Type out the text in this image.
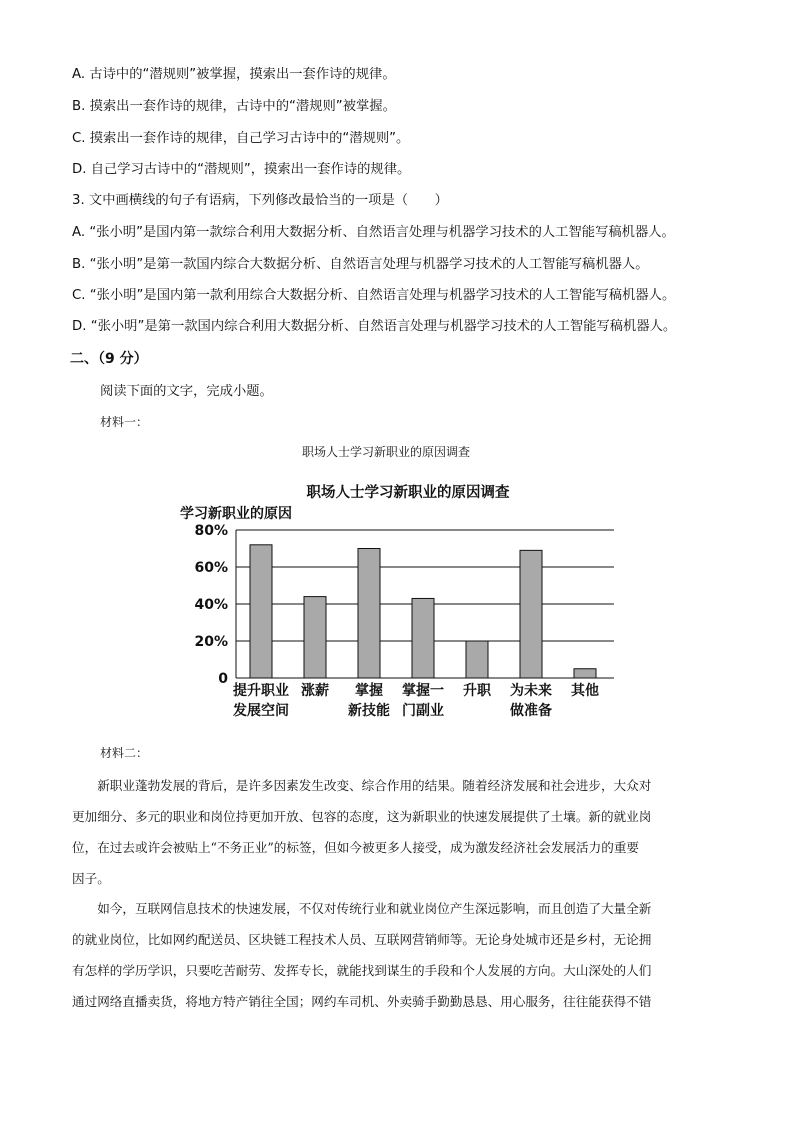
A. 古诗中的“潜规则”被掌握，摸索出一套作诗的规律。
B. 摸索出一套作诗的规律，古诗中的“潜规则”被掌握。
C. 摸索出一套作诗的规律，自己学习古诗中的“潜规则”。
D. 自己学习古诗中的“潜规则”，摸索出一套作诗的规律。
3. 文中画横线的句子有语病，下列修改最恰当的一项是（　　）
A. “张小明”是国内第一款综合利用大数据分析、自然语言处理与机器学习技术的人工智能写稿机器人。
B. “张小明”是第一款国内综合大数据分析、自然语言处理与机器学习技术的人工智能写稿机器人。
C. “张小明”是国内第一款利用综合大数据分析、自然语言处理与机器学习技术的人工智能写稿机器人。
D. “张小明”是第一款国内综合利用大数据分析、自然语言处理与机器学习技术的人工智能写稿机器人。
二、（9 分）
阅读下面的文字，完成小题。
材料一：
职场人士学习新职业的原因调查
职场人士学习新职业的原因调查
学习新职业的原因
0
20%
40%
60%
80%
提升职业
发展空间
涨薪 掌握
新技能
掌握一
门副业
升职 为未来
做准备
其他
材料二：
新职业蓬勃发展的背后，是许多因素发生改变、综合作用的结果。随着经济发展和社会进步，大众对
更加细分、多元的职业和岗位持更加开放、包容的态度，这为新职业的快速发展提供了土壤。新的就业岗
位，在过去或许会被贴上“不务正业”的标签，但如今被更多人接受，成为激发经济社会发展活力的重要
因子。
如今，互联网信息技术的快速发展，不仅对传统行业和就业岗位产生深远影响，而且创造了大量全新
的就业岗位，比如网约配送员、区块链工程技术人员、互联网营销师等。无论身处城市还是乡村，无论拥
有怎样的学历学识，只要吃苦耐劳、发挥专长，就能找到谋生的手段和个人发展的方向。大山深处的人们
通过网络直播卖货，将地方特产销往全国；网约车司机、外卖骑手勤勤恳恳、用心服务，往往能获得不错
